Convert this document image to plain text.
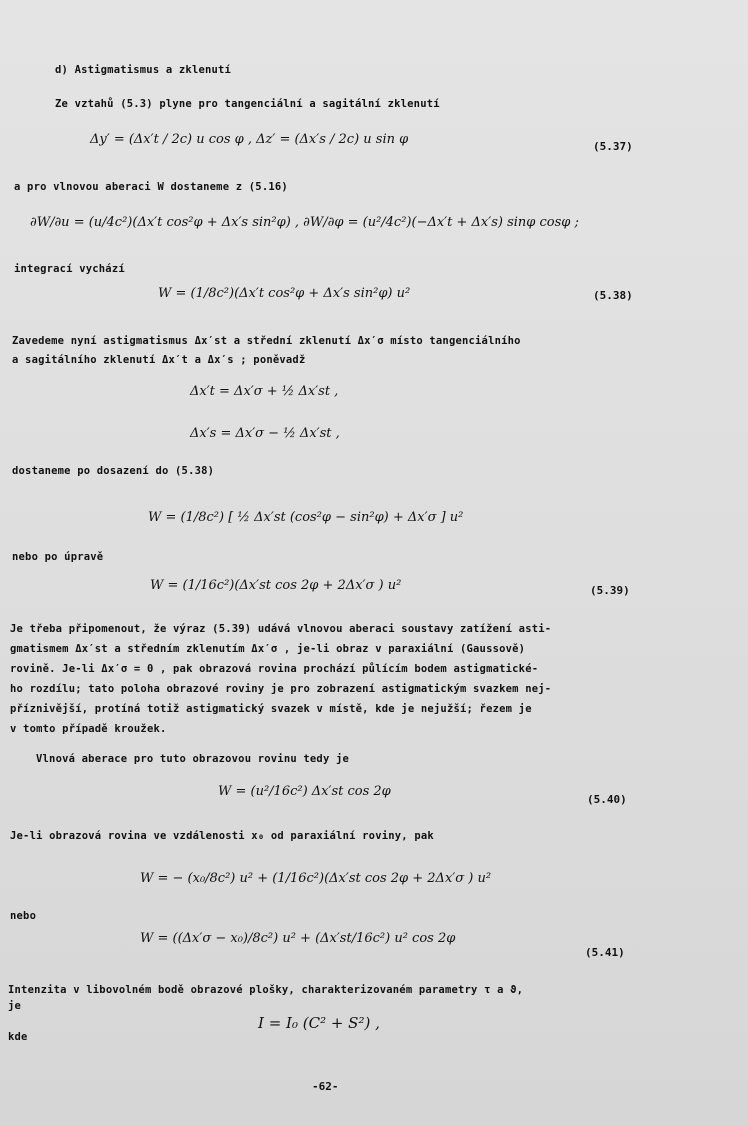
d) Astigmatismus a zklenutí
Ze vztahů (5.3) plyne pro tangenciální a sagitální zklenutí
Δy′ = (Δx′t / 2c) u cos φ , Δz′ = (Δx′s / 2c) u sin φ	(5.37)
a pro vlnovou aberaci W dostaneme z (5.16)
∂W/∂u = (u/4c²)(Δx′t cos²φ + Δx′s sin²φ) , ∂W/∂φ = (u²/4c²)(−Δx′t + Δx′s) sinφ cosφ ;
integrací vychází
W = (1/8c²)(Δx′t cos²φ + Δx′s sin²φ) u²	(5.38)
Zavedeme nyní astigmatismus Δx′st a střední zklenutí Δx′σ místo tangenciálního
a sagitálního zklenutí Δx′t a Δx′s ; poněvadž
Δx′t = Δx′σ + ½ Δx′st ,
Δx′s = Δx′σ − ½ Δx′st ,
dostaneme po dosazení do (5.38)
W = (1/8c²) [ ½ Δx′st (cos²φ − sin²φ) + Δx′σ ] u²
nebo po úpravě
W = (1/16c²)(Δx′st cos 2φ + 2Δx′σ ) u²	(5.39)
Je třeba připomenout, že výraz (5.39) udává vlnovou aberaci soustavy zatížení asti-
gmatismem Δx′st a středním zklenutím Δx′σ , je-li obraz v paraxiální (Gaussově)
rovině. Je-li Δx′σ = 0 , pak obrazová rovina prochází půlícím bodem astigmatické-
ho rozdílu; tato poloha obrazové roviny je pro zobrazení astigmatickým svazkem nej-
příznivější, protíná totiž astigmatický svazek v místě, kde je nejužší; řezem je
v tomto případě kroužek.
Vlnová aberace pro tuto obrazovou rovinu tedy je
W = (u²/16c²) Δx′st cos 2φ
(5.40)
Je-li obrazová rovina ve vzdálenosti x₀ od paraxiální roviny, pak
W = − (x₀/8c²) u² + (1/16c²)(Δx′st cos 2φ + 2Δx′σ ) u²
nebo
W = ((Δx′σ − x₀)/8c²) u² + (Δx′st/16c²) u² cos 2φ
(5.41)
Intenzita v libovolném bodě obrazové plošky, charakterizovaném parametry τ a ϑ,
je
I = I₀ (C² + S²) ,
kde
-62-
